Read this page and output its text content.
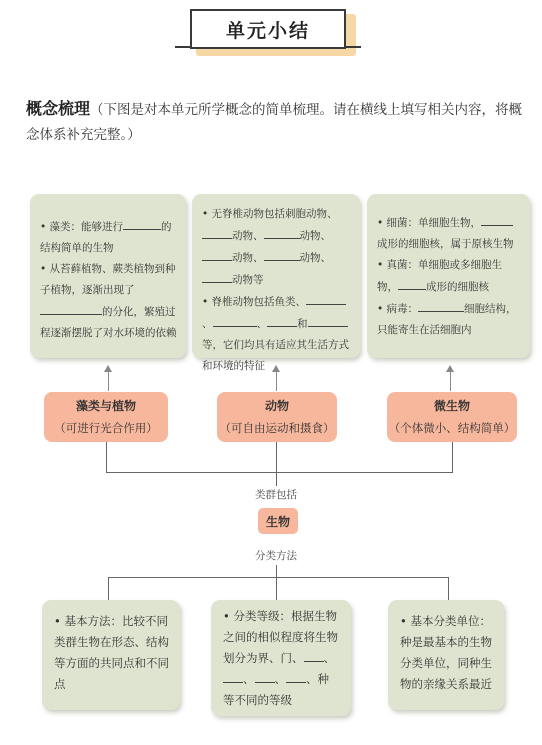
单元小结
概念梳理（下图是对本单元所学概念的简单梳理。请在横线上填写相关内容，将概念体系补充完整。）

• 藻类：能够进行	的结构简单的生物

• 从苔藓植物、蕨类植物到种子植物，逐渐出现了的分化，繁殖过程逐渐摆脱了对水环境的依赖

• 无脊椎动物包括刺胞动物、动物、	动物、动物、	动物、动物等

• 脊椎动物包括鱼类、、	、	和等，它们均具有适应其生活方式和环境的特征

• 细菌：单细胞生物，成形的细胞核，属于原核生物

• 真菌：单细胞或多细胞生物，	成形的细胞核

• 病毒：	细胞结构，只能寄生在活细胞内

藻类与植物
（可进行光合作用）
动物
（可自由运动和摄食）
微生物
（个体微小、结构简单）
类群包括
生物
分类方法

• 基本方法：比较不同类群生物在形态、结构等方面的共同点和不同点

• 分类等级：根据生物之间的相似程度将生物划分为界、门、 、、 、 、种 等不同的等级

• 基本分类单位：种是最基本的生物分类单位，同种生物的亲缘关系最近
